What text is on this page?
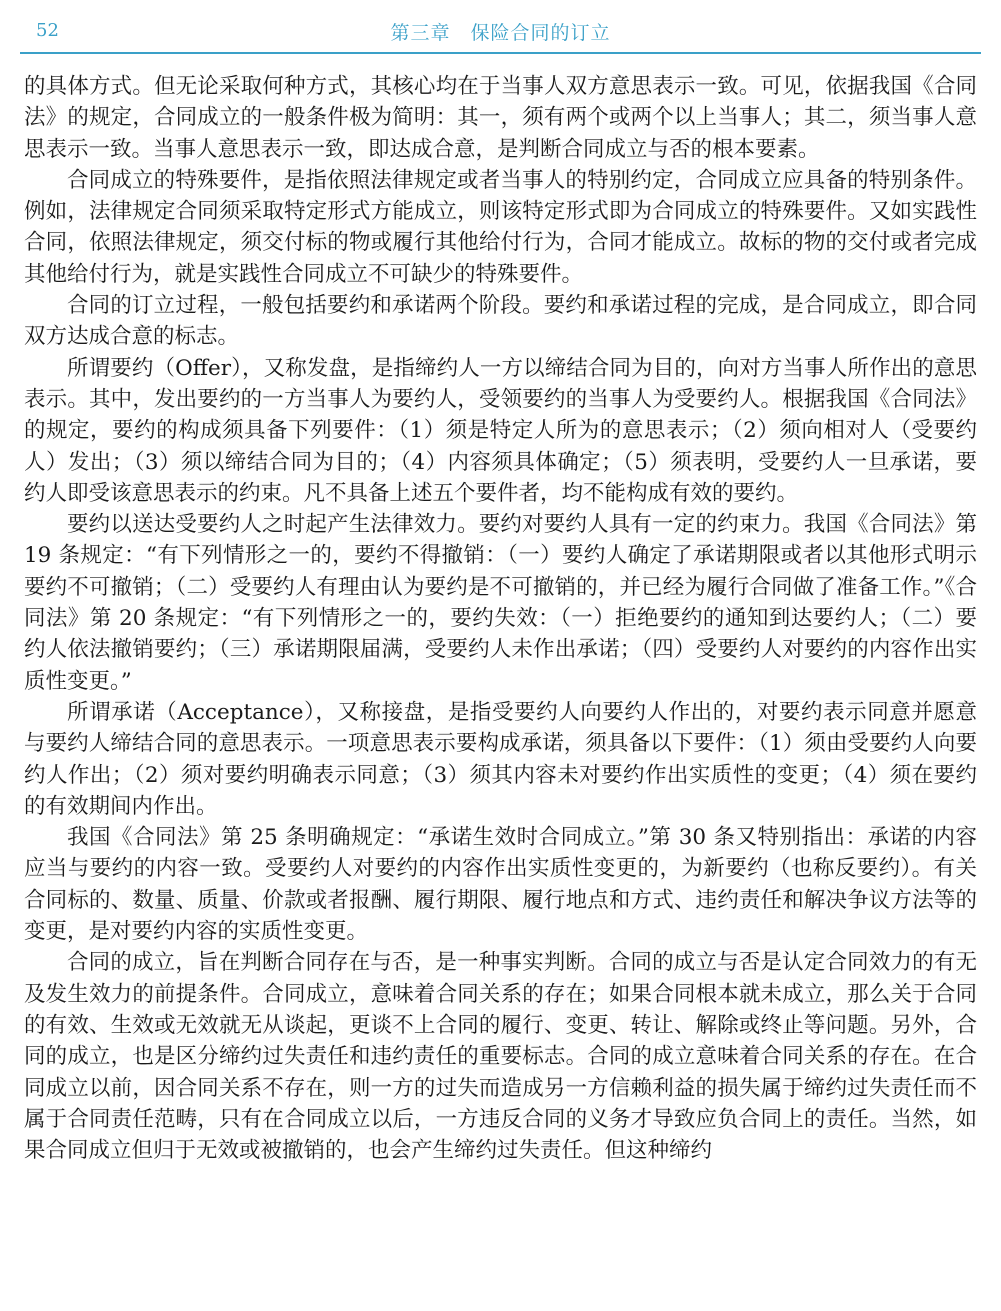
52	第三章　保险合同的订立

的具体方式。但无论采取何种方式，其核心均在于当事人双方意思表示一致。可见，依据我国《合同法》的规定，合同成立的一般条件极为简明：其一，须有两个或两个以上当事人；其二，须当事人意思表示一致。当事人意思表示一致，即达成合意，是判断合同成立与否的根本要素。

合同成立的特殊要件，是指依照法律规定或者当事人的特别约定，合同成立应具备的特别条件。例如，法律规定合同须采取特定形式方能成立，则该特定形式即为合同成立的特殊要件。又如实践性合同，依照法律规定，须交付标的物或履行其他给付行为，合同才能成立。故标的物的交付或者完成其他给付行为，就是实践性合同成立不可缺少的特殊要件。

合同的订立过程，一般包括要约和承诺两个阶段。要约和承诺过程的完成，是合同成立，即合同双方达成合意的标志。

所谓要约（Offer），又称发盘，是指缔约人一方以缔结合同为目的，向对方当事人所作出的意思表示。其中，发出要约的一方当事人为要约人，受领要约的当事人为受要约人。根据我国《合同法》的规定，要约的构成须具备下列要件：（1）须是特定人所为的意思表示；（2）须向相对人（受要约人）发出；（3）须以缔结合同为目的；（4）内容须具体确定；（5）须表明，受要约人一旦承诺，要约人即受该意思表示的约束。凡不具备上述五个要件者，均不能构成有效的要约。

要约以送达受要约人之时起产生法律效力。要约对要约人具有一定的约束力。我国《合同法》第 19 条规定：“有下列情形之一的，要约不得撤销：（一）要约人确定了承诺期限或者以其他形式明示要约不可撤销；（二）受要约人有理由认为要约是不可撤销的，并已经为履行合同做了准备工作。”《合同法》第 20 条规定：“有下列情形之一的，要约失效：（一）拒绝要约的通知到达要约人；（二）要约人依法撤销要约；（三）承诺期限届满，受要约人未作出承诺；（四）受要约人对要约的内容作出实质性变更。”

所谓承诺（Acceptance），又称接盘，是指受要约人向要约人作出的，对要约表示同意并愿意与要约人缔结合同的意思表示。一项意思表示要构成承诺，须具备以下要件：（1）须由受要约人向要约人作出；（2）须对要约明确表示同意；（3）须其内容未对要约作出实质性的变更；（4）须在要约的有效期间内作出。

我国《合同法》第 25 条明确规定：“承诺生效时合同成立。”第 30 条又特别指出：承诺的内容应当与要约的内容一致。受要约人对要约的内容作出实质性变更的，为新要约（也称反要约）。有关合同标的、数量、质量、价款或者报酬、履行期限、履行地点和方式、违约责任和解决争议方法等的变更，是对要约内容的实质性变更。

合同的成立，旨在判断合同存在与否，是一种事实判断。合同的成立与否是认定合同效力的有无及发生效力的前提条件。合同成立，意味着合同关系的存在；如果合同根本就未成立，那么关于合同的有效、生效或无效就无从谈起，更谈不上合同的履行、变更、转让、解除或终止等问题。另外，合同的成立，也是区分缔约过失责任和违约责任的重要标志。合同的成立意味着合同关系的存在。在合同成立以前，因合同关系不存在，则一方的过失而造成另一方信赖利益的损失属于缔约过失责任而不属于合同责任范畴，只有在合同成立以后，一方违反合同的义务才导致应负合同上的责任。当然，如果合同成立但归于无效或被撤销的，也会产生缔约过失责任。但这种缔约
